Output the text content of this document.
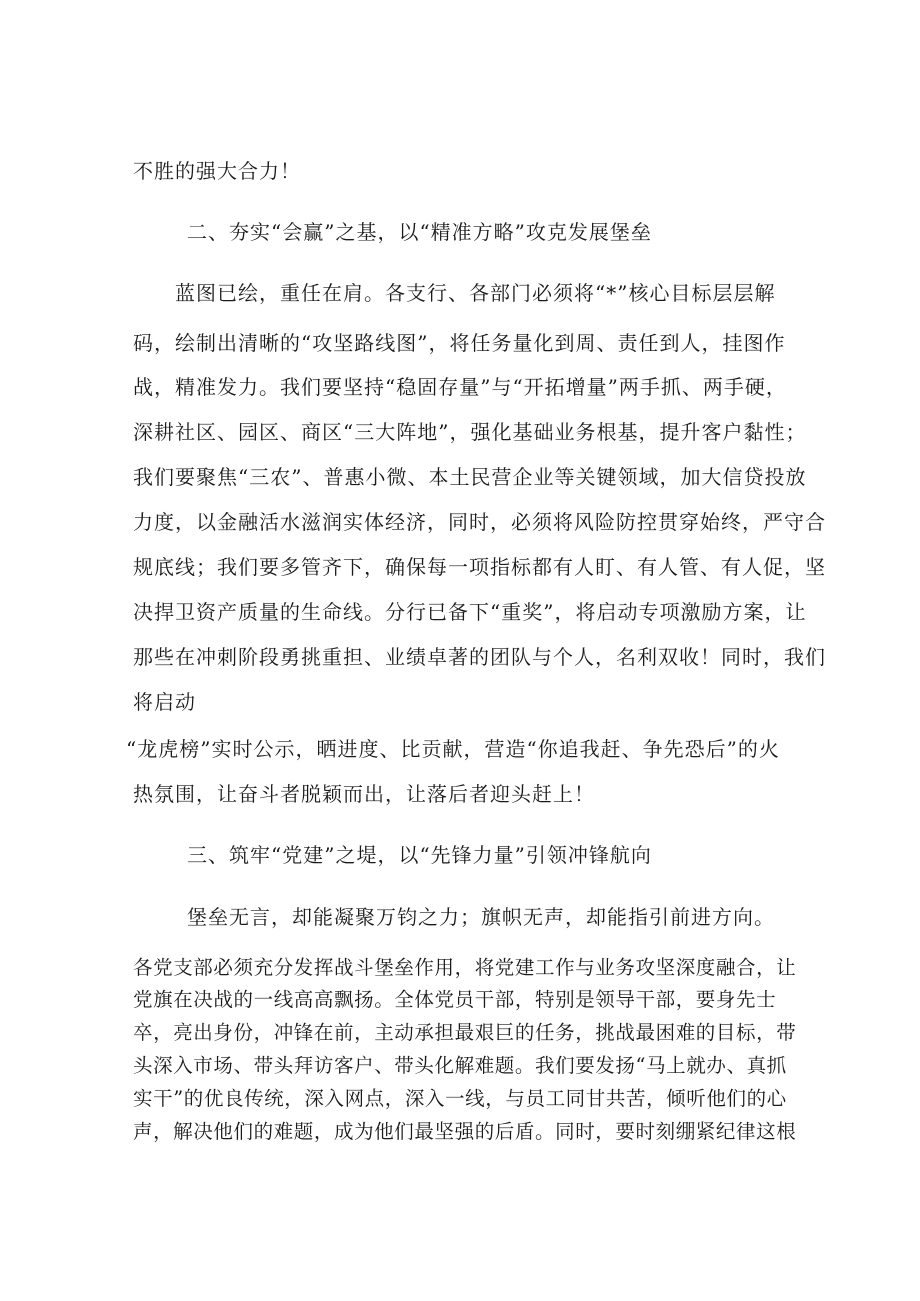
不胜的强大合力！
二、夯实“会赢”之基，以“精准方略”攻克发展堡垒
蓝图已绘，重任在肩。各支行、各部门必须将“*”核心目标层层解
码，绘制出清晰的“攻坚路线图”，将任务量化到周、责任到人，挂图作
战，精准发力。我们要坚持“稳固存量”与“开拓增量”两手抓、两手硬，
深耕社区、园区、商区“三大阵地”，强化基础业务根基，提升客户黏性；
我们要聚焦“三农”、普惠小微、本土民营企业等关键领域，加大信贷投放
力度，以金融活水滋润实体经济，同时，必须将风险防控贯穿始终，严守合
规底线；我们要多管齐下，确保每一项指标都有人盯、有人管、有人促，坚
决捍卫资产质量的生命线。分行已备下“重奖”，将启动专项激励方案，让
那些在冲刺阶段勇挑重担、业绩卓著的团队与个人，名利双收！同时，我们
将启动
“龙虎榜”实时公示，晒进度、比贡献，营造“你追我赶、争先恐后”的火
热氛围，让奋斗者脱颖而出，让落后者迎头赶上！
三、筑牢“党建”之堤，以“先锋力量”引领冲锋航向
堡垒无言，却能凝聚万钧之力；旗帜无声，却能指引前进方向。
各党支部必须充分发挥战斗堡垒作用，将党建工作与业务攻坚深度融合，让
党旗在决战的一线高高飘扬。全体党员干部，特别是领导干部，要身先士
卒，亮出身份，冲锋在前，主动承担最艰巨的任务，挑战最困难的目标，带
头深入市场、带头拜访客户、带头化解难题。我们要发扬“马上就办、真抓
实干”的优良传统，深入网点，深入一线，与员工同甘共苦，倾听他们的心
声，解决他们的难题，成为他们最坚强的后盾。同时，要时刻绷紧纪律这根
